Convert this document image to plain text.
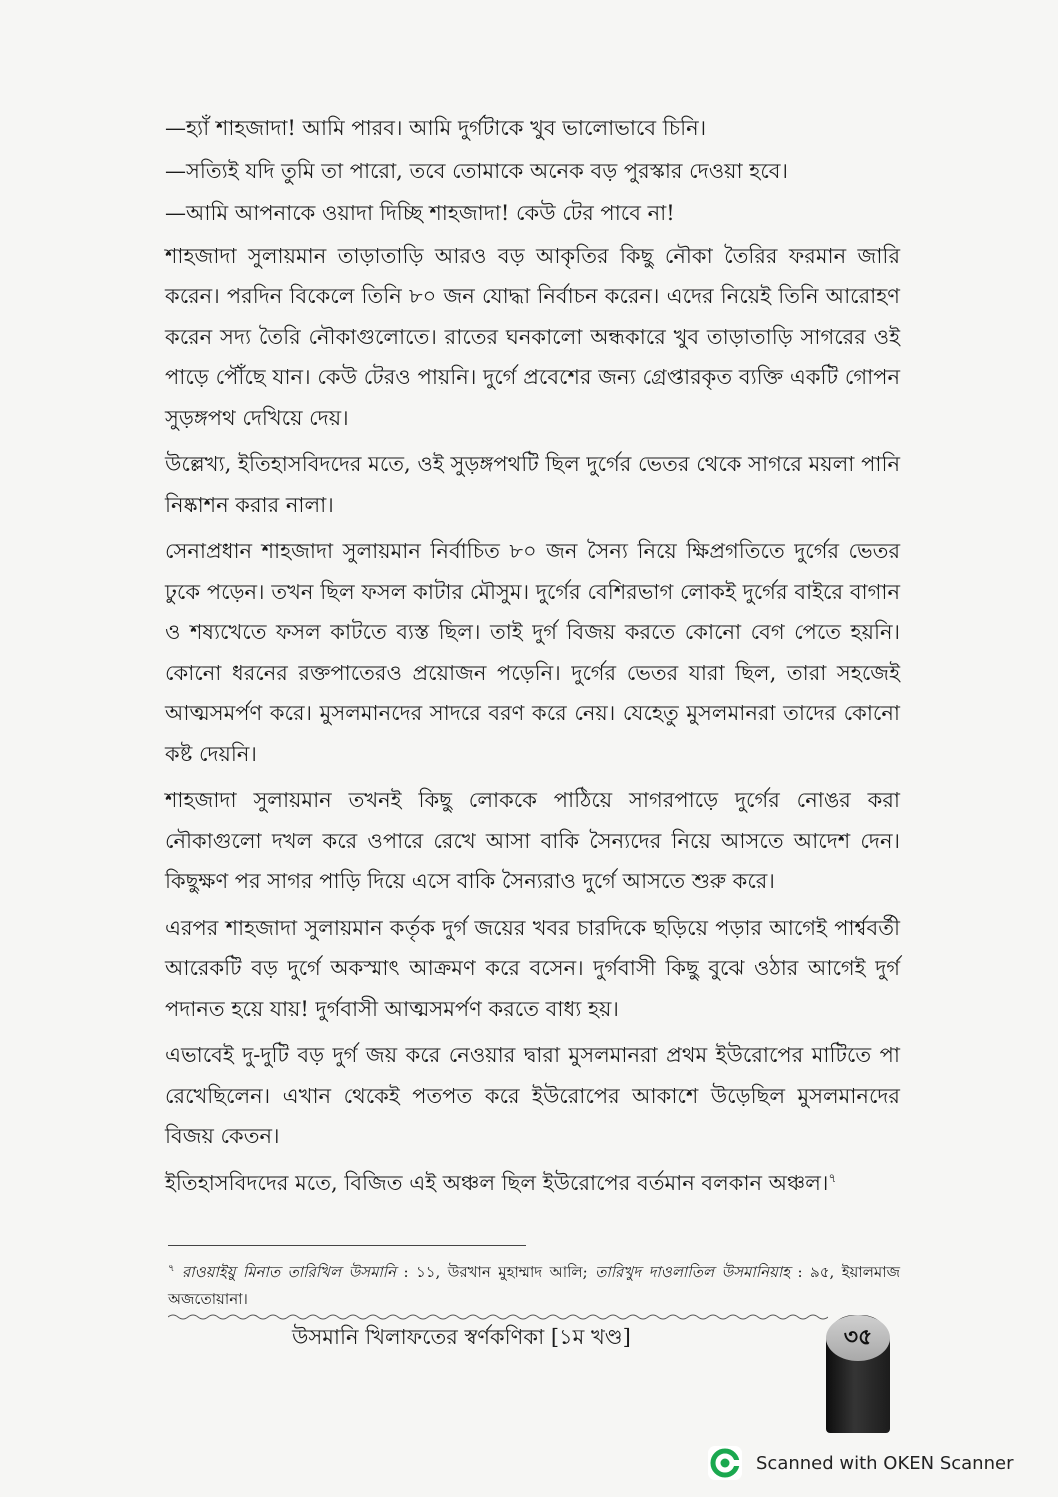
—হ্যাঁ শাহজাদা! আমি পারব। আমি দুর্গটাকে খুব ভালোভাবে চিনি।

—সত্যিই যদি তুমি তা পারো, তবে তোমাকে অনেক বড় পুরস্কার দেওয়া হবে।

—আমি আপনাকে ওয়াদা দিচ্ছি শাহজাদা! কেউ টের পাবে না!

শাহজাদা সুলায়মান তাড়াতাড়ি আরও বড় আকৃতির কিছু নৌকা তৈরির ফরমান জারি করেন। পরদিন বিকেলে তিনি ৮০ জন যোদ্ধা নির্বাচন করেন। এদের নিয়েই তিনি আরোহণ করেন সদ্য তৈরি নৌকাগুলোতে। রাতের ঘনকালো অন্ধকারে খুব তাড়াতাড়ি সাগরের ওই পাড়ে পৌঁছে যান। কেউ টেরও পায়নি। দুর্গে প্রবেশের জন্য গ্রেপ্তারকৃত ব্যক্তি একটি গোপন সুড়ঙ্গপথ দেখিয়ে দেয়।

উল্লেখ্য, ইতিহাসবিদদের মতে, ওই সুড়ঙ্গপথটি ছিল দুর্গের ভেতর থেকে সাগরে ময়লা পানি নিষ্কাশন করার নালা।

সেনাপ্রধান শাহজাদা সুলায়মান নির্বাচিত ৮০ জন সৈন্য নিয়ে ক্ষিপ্রগতিতে দুর্গের ভেতর ঢুকে পড়েন। তখন ছিল ফসল কাটার মৌসুম। দুর্গের বেশিরভাগ লোকই দুর্গের বাইরে বাগান ও শষ্যখেতে ফসল কাটতে ব্যস্ত ছিল। তাই দুর্গ বিজয় করতে কোনো বেগ পেতে হয়নি। কোনো ধরনের রক্তপাতেরও প্রয়োজন পড়েনি। দুর্গের ভেতর যারা ছিল, তারা সহজেই আত্মসমর্পণ করে। মুসলমানদের সাদরে বরণ করে নেয়। যেহেতু মুসলমানরা তাদের কোনো কষ্ট দেয়নি।

শাহজাদা সুলায়মান তখনই কিছু লোককে পাঠিয়ে সাগরপাড়ে দুর্গের নোঙর করা নৌকাগুলো দখল করে ওপারে রেখে আসা বাকি সৈন্যদের নিয়ে আসতে আদেশ দেন। কিছুক্ষণ পর সাগর পাড়ি দিয়ে এসে বাকি সৈন্যরাও দুর্গে আসতে শুরু করে।

এরপর শাহজাদা সুলায়মান কর্তৃক দুর্গ জয়ের খবর চারদিকে ছড়িয়ে পড়ার আগেই পার্শ্ববর্তী আরেকটি বড় দুর্গে অকস্মাৎ আক্রমণ করে বসেন। দুর্গবাসী কিছু বুঝে ওঠার আগেই দুর্গ পদানত হয়ে যায়! দুর্গবাসী আত্মসমর্পণ করতে বাধ্য হয়।

এভাবেই দু-দুটি বড় দুর্গ জয় করে নেওয়ার দ্বারা মুসলমানরা প্রথম ইউরোপের মাটিতে পা রেখেছিলেন। এখান থেকেই পতপত করে ইউরোপের আকাশে উড়েছিল মুসলমানদের বিজয় কেতন।

ইতিহাসবিদদের মতে, বিজিত এই অঞ্চল ছিল ইউরোপের বর্তমান বলকান অঞ্চল।$^৭$

$^৭$ রাওয়াইয়ু মিনাত তারিখিল উসমানি : ১১, উরখান মুহাম্মাদ আলি; তারিখুদ দাওলাতিল উসমানিয়াহ : ৯৫, ইয়ালমাজ অজতোয়ানা।
উসমানি খিলাফতের স্বর্ণকণিকা [১ম খণ্ড]	৩৫
Scanned with OKEN Scanner
